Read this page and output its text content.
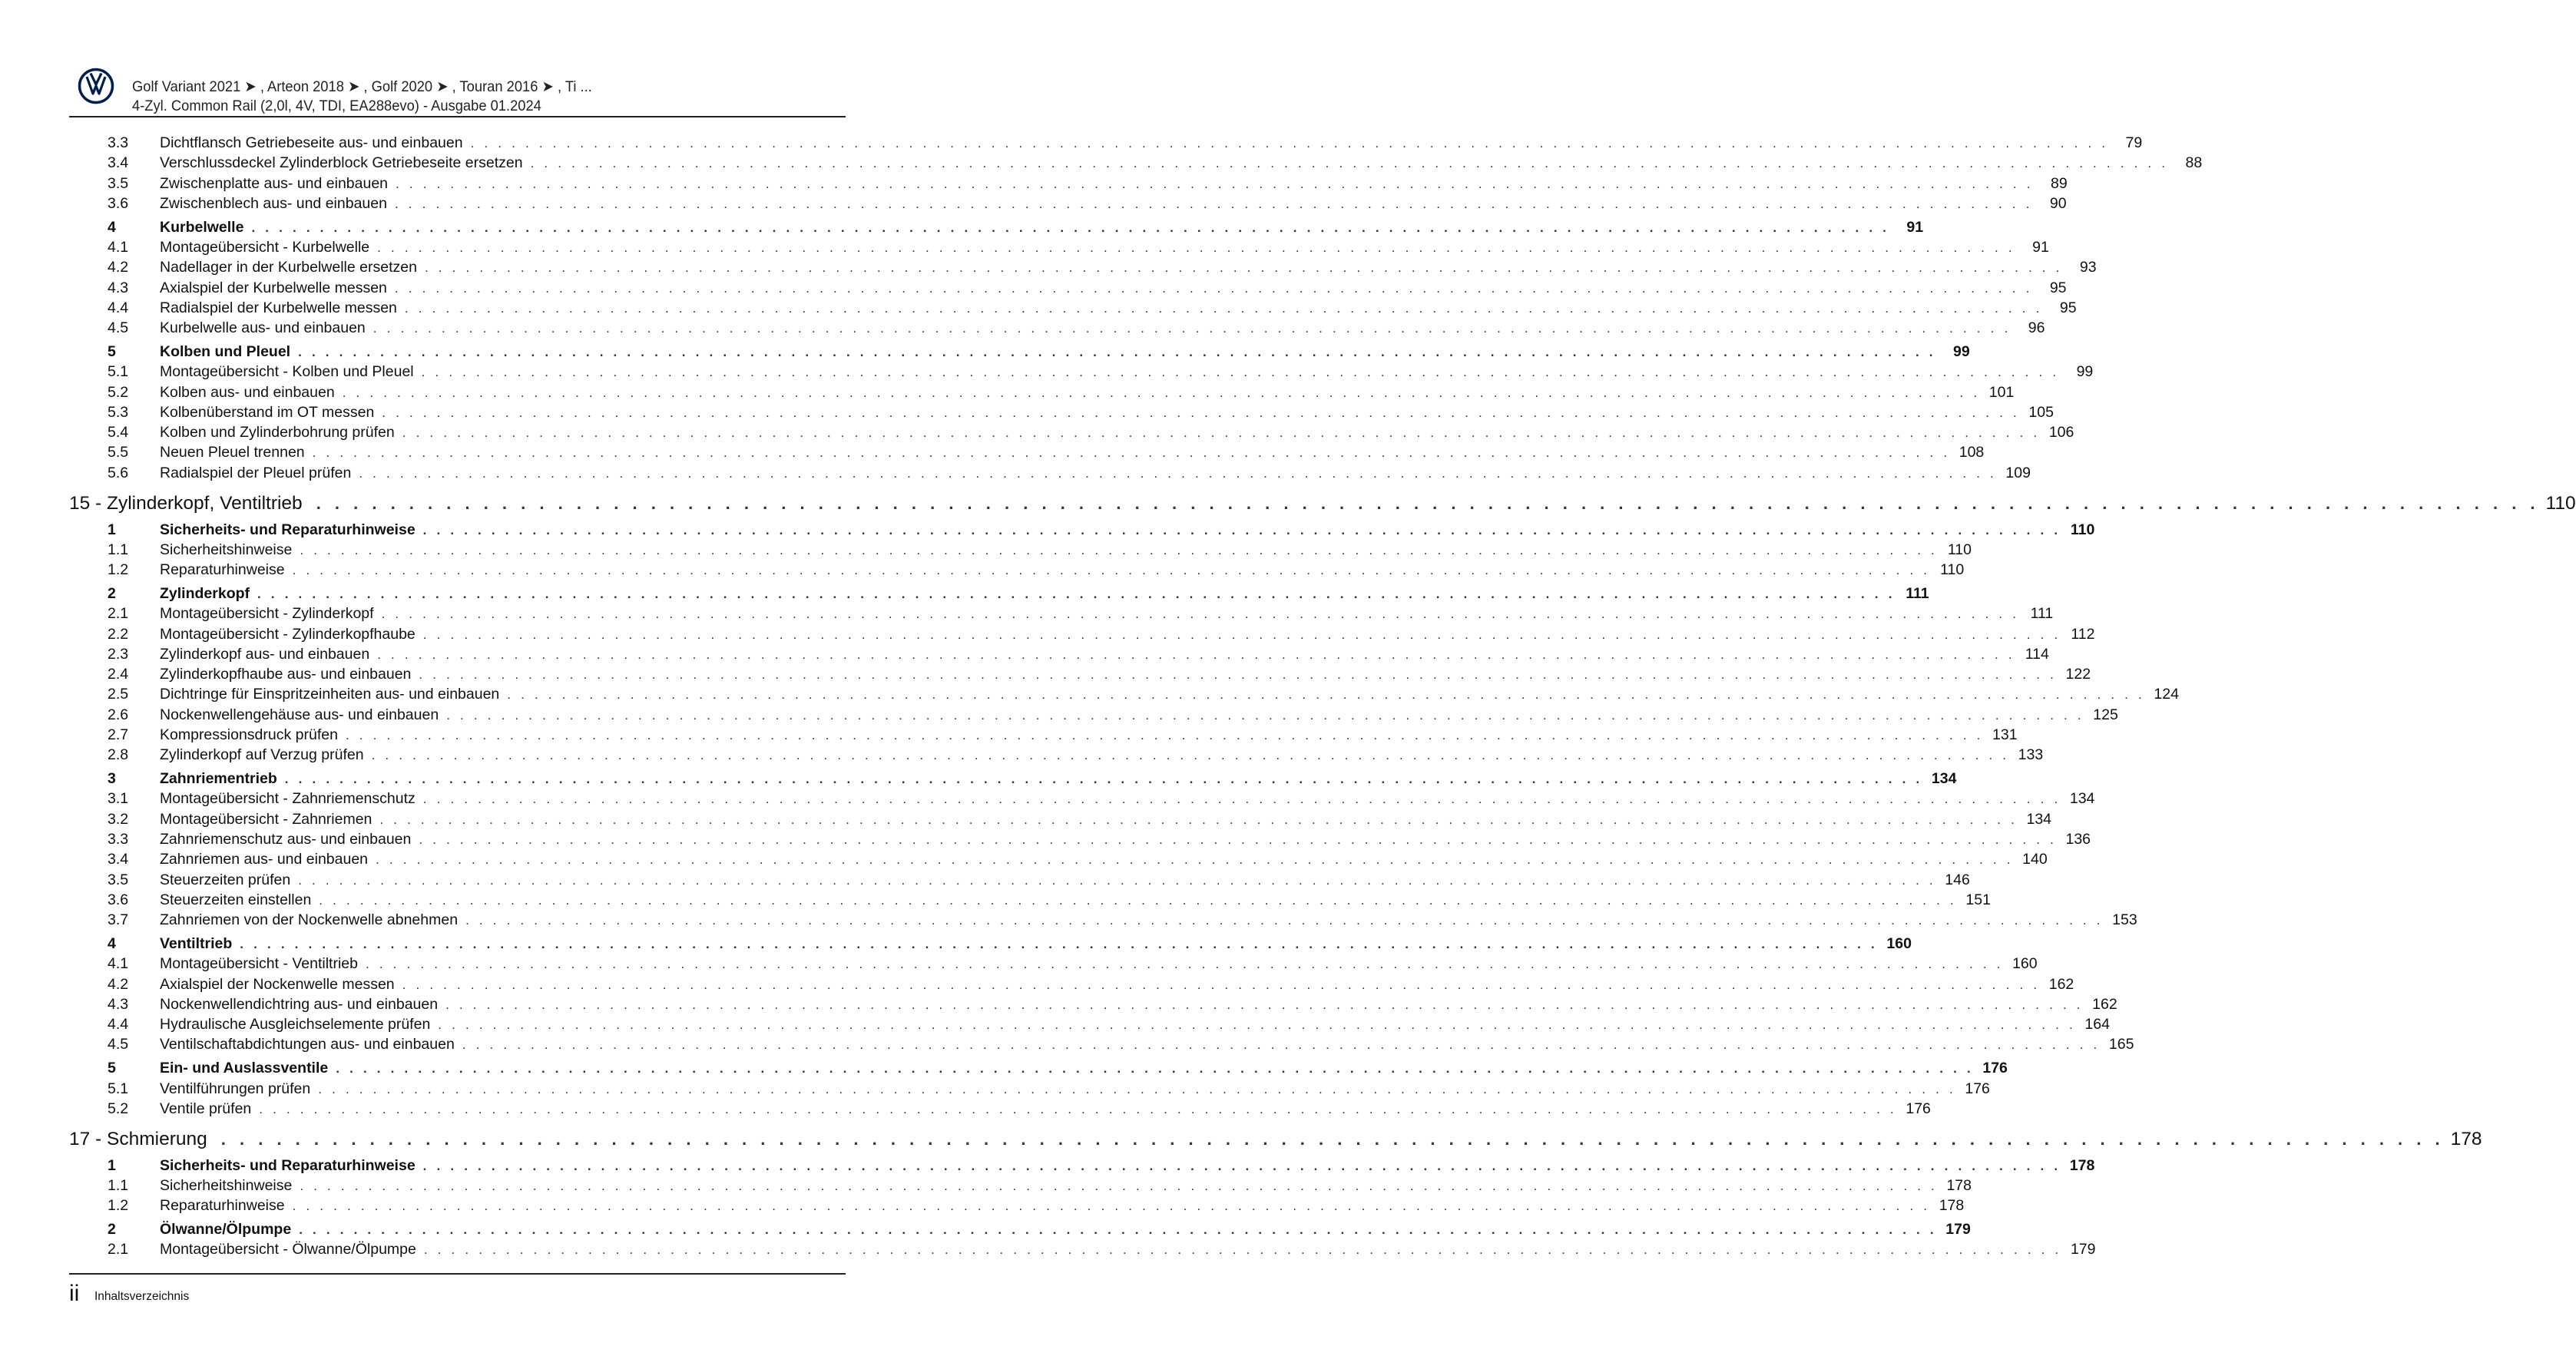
Golf Variant 2021 ➤ , Arteon 2018 ➤ , Golf 2020 ➤ , Touran 2016 ➤ , Ti ...
4-Zyl. Common Rail (2,0l, 4V, TDI, EA288evo) - Ausgabe 01.2024
3.3	Dichtflansch Getriebeseite aus- und einbauen . . . . . . . . . . . . . . . . . . . . . . . . . . . . . . . . . . . . . . . . . . . . . . . . . . . . . . . . . . . . . . . . . . . . . . . . . . . . . . . . . . . . . . . . . . . . . . . . . . . . . . . . . . . . . . . . . . . . . . . .	79
3.4	Verschlussdeckel Zylinderblock Getriebeseite ersetzen . . . . . . . . . . . . . . . . . . . . . . . . . . . . . . . . . . . . . . . . . . . . . . . . . . . . . . . . . . . . . . . . . . . . . . . . . . . . . . . . . . . . . . . . . . . . . . . . . . . . . . . . . . . . . . . . . . . . . . . .	88
3.5	Zwischenplatte aus- und einbauen . . . . . . . . . . . . . . . . . . . . . . . . . . . . . . . . . . . . . . . . . . . . . . . . . . . . . . . . . . . . . . . . . . . . . . . . . . . . . . . . . . . . . . . . . . . . . . . . . . . . . . . . . . . . . . . . . . . . . . . .	89
3.6	Zwischenblech aus- und einbauen . . . . . . . . . . . . . . . . . . . . . . . . . . . . . . . . . . . . . . . . . . . . . . . . . . . . . . . . . . . . . . . . . . . . . . . . . . . . . . . . . . . . . . . . . . . . . . . . . . . . . . . . . . . . . . . . . . . . . . . .	90
4	Kurbelwelle . . . . . . . . . . . . . . . . . . . . . . . . . . . . . . . . . . . . . . . . . . . . . . . . . . . . . . . . . . . . . . . . . . . . . . . . . . . . . . . . . . . . . . . . . . . . . . . . . . . . . . . . . . . . . . . . . . . . . . . .	91
4.1	Montageübersicht - Kurbelwelle . . . . . . . . . . . . . . . . . . . . . . . . . . . . . . . . . . . . . . . . . . . . . . . . . . . . . . . . . . . . . . . . . . . . . . . . . . . . . . . . . . . . . . . . . . . . . . . . . . . . . . . . . . . . . . . . . . . . . . . .	91
4.2	Nadellager in der Kurbelwelle ersetzen . . . . . . . . . . . . . . . . . . . . . . . . . . . . . . . . . . . . . . . . . . . . . . . . . . . . . . . . . . . . . . . . . . . . . . . . . . . . . . . . . . . . . . . . . . . . . . . . . . . . . . . . . . . . . . . . . . . . . . . .	93
4.3	Axialspiel der Kurbelwelle messen . . . . . . . . . . . . . . . . . . . . . . . . . . . . . . . . . . . . . . . . . . . . . . . . . . . . . . . . . . . . . . . . . . . . . . . . . . . . . . . . . . . . . . . . . . . . . . . . . . . . . . . . . . . . . . . . . . . . . . . .	95
4.4	Radialspiel der Kurbelwelle messen . . . . . . . . . . . . . . . . . . . . . . . . . . . . . . . . . . . . . . . . . . . . . . . . . . . . . . . . . . . . . . . . . . . . . . . . . . . . . . . . . . . . . . . . . . . . . . . . . . . . . . . . . . . . . . . . . . . . . . . .	95
4.5	Kurbelwelle aus- und einbauen . . . . . . . . . . . . . . . . . . . . . . . . . . . . . . . . . . . . . . . . . . . . . . . . . . . . . . . . . . . . . . . . . . . . . . . . . . . . . . . . . . . . . . . . . . . . . . . . . . . . . . . . . . . . . . . . . . . . . . . .	96
5	Kolben und Pleuel . . . . . . . . . . . . . . . . . . . . . . . . . . . . . . . . . . . . . . . . . . . . . . . . . . . . . . . . . . . . . . . . . . . . . . . . . . . . . . . . . . . . . . . . . . . . . . . . . . . . . . . . . . . . . . . . . . . . . . . .	99
5.1	Montageübersicht - Kolben und Pleuel . . . . . . . . . . . . . . . . . . . . . . . . . . . . . . . . . . . . . . . . . . . . . . . . . . . . . . . . . . . . . . . . . . . . . . . . . . . . . . . . . . . . . . . . . . . . . . . . . . . . . . . . . . . . . . . . . . . . . . . .	99
5.2	Kolben aus- und einbauen . . . . . . . . . . . . . . . . . . . . . . . . . . . . . . . . . . . . . . . . . . . . . . . . . . . . . . . . . . . . . . . . . . . . . . . . . . . . . . . . . . . . . . . . . . . . . . . . . . . . . . . . . . . . . . . . . . . . . . . . 101
5.3	Kolbenüberstand im OT messen . . . . . . . . . . . . . . . . . . . . . . . . . . . . . . . . . . . . . . . . . . . . . . . . . . . . . . . . . . . . . . . . . . . . . . . . . . . . . . . . . . . . . . . . . . . . . . . . . . . . . . . . . . . . . . . . . . . . . . . . 105
5.4	Kolben und Zylinderbohrung prüfen . . . . . . . . . . . . . . . . . . . . . . . . . . . . . . . . . . . . . . . . . . . . . . . . . . . . . . . . . . . . . . . . . . . . . . . . . . . . . . . . . . . . . . . . . . . . . . . . . . . . . . . . . . . . . . . . . . . . . . . . 106
5.5	Neuen Pleuel trennen . . . . . . . . . . . . . . . . . . . . . . . . . . . . . . . . . . . . . . . . . . . . . . . . . . . . . . . . . . . . . . . . . . . . . . . . . . . . . . . . . . . . . . . . . . . . . . . . . . . . . . . . . . . . . . . . . . . . . . . . 108
5.6	Radialspiel der Pleuel prüfen . . . . . . . . . . . . . . . . . . . . . . . . . . . . . . . . . . . . . . . . . . . . . . . . . . . . . . . . . . . . . . . . . . . . . . . . . . . . . . . . . . . . . . . . . . . . . . . . . . . . . . . . . . . . . . . . . . . . . . . . 109
15 - Zylinderkopf, Ventiltrieb . . . . . . . . . . . . . . . . . . . . . . . . . . . . . . . . . . . . . . . . . . . . . . . . . . . . . . . . . . . . . . . . . . . . . . . . . . . . . . . . . . . . . . . . . . . . . . . . . . . . . . . . . . . . . . . . . . . . . . . . 110
1	Sicherheits- und Reparaturhinweise . . . . . . . . . . . . . . . . . . . . . . . . . . . . . . . . . . . . . . . . . . . . . . . . . . . . . . . . . . . . . . . . . . . . . . . . . . . . . . . . . . . . . . . . . . . . . . . . . . . . . . . . . . . . . . . . . . . . . . . . 110
1.1	Sicherheitshinweise . . . . . . . . . . . . . . . . . . . . . . . . . . . . . . . . . . . . . . . . . . . . . . . . . . . . . . . . . . . . . . . . . . . . . . . . . . . . . . . . . . . . . . . . . . . . . . . . . . . . . . . . . . . . . . . . . . . . . . . . 110
1.2	Reparaturhinweise . . . . . . . . . . . . . . . . . . . . . . . . . . . . . . . . . . . . . . . . . . . . . . . . . . . . . . . . . . . . . . . . . . . . . . . . . . . . . . . . . . . . . . . . . . . . . . . . . . . . . . . . . . . . . . . . . . . . . . . . 110
2	Zylinderkopf . . . . . . . . . . . . . . . . . . . . . . . . . . . . . . . . . . . . . . . . . . . . . . . . . . . . . . . . . . . . . . . . . . . . . . . . . . . . . . . . . . . . . . . . . . . . . . . . . . . . . . . . . . . . . . . . . . . . . . . . 111
2.1	Montageübersicht - Zylinderkopf . . . . . . . . . . . . . . . . . . . . . . . . . . . . . . . . . . . . . . . . . . . . . . . . . . . . . . . . . . . . . . . . . . . . . . . . . . . . . . . . . . . . . . . . . . . . . . . . . . . . . . . . . . . . . . . . . . . . . . . . 111
2.2	Montageübersicht - Zylinderkopfhaube . . . . . . . . . . . . . . . . . . . . . . . . . . . . . . . . . . . . . . . . . . . . . . . . . . . . . . . . . . . . . . . . . . . . . . . . . . . . . . . . . . . . . . . . . . . . . . . . . . . . . . . . . . . . . . . . . . . . . . . . 112
2.3	Zylinderkopf aus- und einbauen . . . . . . . . . . . . . . . . . . . . . . . . . . . . . . . . . . . . . . . . . . . . . . . . . . . . . . . . . . . . . . . . . . . . . . . . . . . . . . . . . . . . . . . . . . . . . . . . . . . . . . . . . . . . . . . . . . . . . . . . 114
2.4	Zylinderkopfhaube aus- und einbauen . . . . . . . . . . . . . . . . . . . . . . . . . . . . . . . . . . . . . . . . . . . . . . . . . . . . . . . . . . . . . . . . . . . . . . . . . . . . . . . . . . . . . . . . . . . . . . . . . . . . . . . . . . . . . . . . . . . . . . . . 122
2.5	Dichtringe für Einspritzeinheiten aus- und einbauen . . . . . . . . . . . . . . . . . . . . . . . . . . . . . . . . . . . . . . . . . . . . . . . . . . . . . . . . . . . . . . . . . . . . . . . . . . . . . . . . . . . . . . . . . . . . . . . . . . . . . . . . . . . . . . . . . . . . . . . . 124
2.6	Nockenwellengehäuse aus- und einbauen . . . . . . . . . . . . . . . . . . . . . . . . . . . . . . . . . . . . . . . . . . . . . . . . . . . . . . . . . . . . . . . . . . . . . . . . . . . . . . . . . . . . . . . . . . . . . . . . . . . . . . . . . . . . . . . . . . . . . . . . 125
2.7	Kompressionsdruck prüfen . . . . . . . . . . . . . . . . . . . . . . . . . . . . . . . . . . . . . . . . . . . . . . . . . . . . . . . . . . . . . . . . . . . . . . . . . . . . . . . . . . . . . . . . . . . . . . . . . . . . . . . . . . . . . . . . . . . . . . . . 131
2.8	Zylinderkopf auf Verzug prüfen . . . . . . . . . . . . . . . . . . . . . . . . . . . . . . . . . . . . . . . . . . . . . . . . . . . . . . . . . . . . . . . . . . . . . . . . . . . . . . . . . . . . . . . . . . . . . . . . . . . . . . . . . . . . . . . . . . . . . . . . 133
3	Zahnriementrieb . . . . . . . . . . . . . . . . . . . . . . . . . . . . . . . . . . . . . . . . . . . . . . . . . . . . . . . . . . . . . . . . . . . . . . . . . . . . . . . . . . . . . . . . . . . . . . . . . . . . . . . . . . . . . . . . . . . . . . . . 134
3.1	Montageübersicht - Zahnriemenschutz . . . . . . . . . . . . . . . . . . . . . . . . . . . . . . . . . . . . . . . . . . . . . . . . . . . . . . . . . . . . . . . . . . . . . . . . . . . . . . . . . . . . . . . . . . . . . . . . . . . . . . . . . . . . . . . . . . . . . . . . 134
3.2	Montageübersicht - Zahnriemen . . . . . . . . . . . . . . . . . . . . . . . . . . . . . . . . . . . . . . . . . . . . . . . . . . . . . . . . . . . . . . . . . . . . . . . . . . . . . . . . . . . . . . . . . . . . . . . . . . . . . . . . . . . . . . . . . . . . . . . . 134
3.3	Zahnriemenschutz aus- und einbauen . . . . . . . . . . . . . . . . . . . . . . . . . . . . . . . . . . . . . . . . . . . . . . . . . . . . . . . . . . . . . . . . . . . . . . . . . . . . . . . . . . . . . . . . . . . . . . . . . . . . . . . . . . . . . . . . . . . . . . . . 136
3.4	Zahnriemen aus- und einbauen . . . . . . . . . . . . . . . . . . . . . . . . . . . . . . . . . . . . . . . . . . . . . . . . . . . . . . . . . . . . . . . . . . . . . . . . . . . . . . . . . . . . . . . . . . . . . . . . . . . . . . . . . . . . . . . . . . . . . . . . 140
3.5	Steuerzeiten prüfen . . . . . . . . . . . . . . . . . . . . . . . . . . . . . . . . . . . . . . . . . . . . . . . . . . . . . . . . . . . . . . . . . . . . . . . . . . . . . . . . . . . . . . . . . . . . . . . . . . . . . . . . . . . . . . . . . . . . . . . . 146
3.6	Steuerzeiten einstellen . . . . . . . . . . . . . . . . . . . . . . . . . . . . . . . . . . . . . . . . . . . . . . . . . . . . . . . . . . . . . . . . . . . . . . . . . . . . . . . . . . . . . . . . . . . . . . . . . . . . . . . . . . . . . . . . . . . . . . . . 151
3.7	Zahnriemen von der Nockenwelle abnehmen . . . . . . . . . . . . . . . . . . . . . . . . . . . . . . . . . . . . . . . . . . . . . . . . . . . . . . . . . . . . . . . . . . . . . . . . . . . . . . . . . . . . . . . . . . . . . . . . . . . . . . . . . . . . . . . . . . . . . . . . 153
4	Ventiltrieb . . . . . . . . . . . . . . . . . . . . . . . . . . . . . . . . . . . . . . . . . . . . . . . . . . . . . . . . . . . . . . . . . . . . . . . . . . . . . . . . . . . . . . . . . . . . . . . . . . . . . . . . . . . . . . . . . . . . . . . . 160
4.1	Montageübersicht - Ventiltrieb . . . . . . . . . . . . . . . . . . . . . . . . . . . . . . . . . . . . . . . . . . . . . . . . . . . . . . . . . . . . . . . . . . . . . . . . . . . . . . . . . . . . . . . . . . . . . . . . . . . . . . . . . . . . . . . . . . . . . . . . 160
4.2	Axialspiel der Nockenwelle messen . . . . . . . . . . . . . . . . . . . . . . . . . . . . . . . . . . . . . . . . . . . . . . . . . . . . . . . . . . . . . . . . . . . . . . . . . . . . . . . . . . . . . . . . . . . . . . . . . . . . . . . . . . . . . . . . . . . . . . . . 162
4.3	Nockenwellendichtring aus- und einbauen . . . . . . . . . . . . . . . . . . . . . . . . . . . . . . . . . . . . . . . . . . . . . . . . . . . . . . . . . . . . . . . . . . . . . . . . . . . . . . . . . . . . . . . . . . . . . . . . . . . . . . . . . . . . . . . . . . . . . . . . 162
4.4	Hydraulische Ausgleichselemente prüfen . . . . . . . . . . . . . . . . . . . . . . . . . . . . . . . . . . . . . . . . . . . . . . . . . . . . . . . . . . . . . . . . . . . . . . . . . . . . . . . . . . . . . . . . . . . . . . . . . . . . . . . . . . . . . . . . . . . . . . . . 164
4.5	Ventilschaftabdichtungen aus- und einbauen . . . . . . . . . . . . . . . . . . . . . . . . . . . . . . . . . . . . . . . . . . . . . . . . . . . . . . . . . . . . . . . . . . . . . . . . . . . . . . . . . . . . . . . . . . . . . . . . . . . . . . . . . . . . . . . . . . . . . . . . 165
5	Ein- und Auslassventile . . . . . . . . . . . . . . . . . . . . . . . . . . . . . . . . . . . . . . . . . . . . . . . . . . . . . . . . . . . . . . . . . . . . . . . . . . . . . . . . . . . . . . . . . . . . . . . . . . . . . . . . . . . . . . . . . . . . . . . . 176
5.1	Ventilführungen prüfen . . . . . . . . . . . . . . . . . . . . . . . . . . . . . . . . . . . . . . . . . . . . . . . . . . . . . . . . . . . . . . . . . . . . . . . . . . . . . . . . . . . . . . . . . . . . . . . . . . . . . . . . . . . . . . . . . . . . . . . . 176
5.2	Ventile prüfen . . . . . . . . . . . . . . . . . . . . . . . . . . . . . . . . . . . . . . . . . . . . . . . . . . . . . . . . . . . . . . . . . . . . . . . . . . . . . . . . . . . . . . . . . . . . . . . . . . . . . . . . . . . . . . . . . . . . . . . . 176
17 - Schmierung . . . . . . . . . . . . . . . . . . . . . . . . . . . . . . . . . . . . . . . . . . . . . . . . . . . . . . . . . . . . . . . . . . . . . . . . . . . . . . . . . . . . . . . . . . . . . . . . . . . . . . . . . . . . . . . . . . . . . . . . 178
1	Sicherheits- und Reparaturhinweise . . . . . . . . . . . . . . . . . . . . . . . . . . . . . . . . . . . . . . . . . . . . . . . . . . . . . . . . . . . . . . . . . . . . . . . . . . . . . . . . . . . . . . . . . . . . . . . . . . . . . . . . . . . . . . . . . . . . . . . . 178
1.1	Sicherheitshinweise . . . . . . . . . . . . . . . . . . . . . . . . . . . . . . . . . . . . . . . . . . . . . . . . . . . . . . . . . . . . . . . . . . . . . . . . . . . . . . . . . . . . . . . . . . . . . . . . . . . . . . . . . . . . . . . . . . . . . . . . 178
1.2	Reparaturhinweise . . . . . . . . . . . . . . . . . . . . . . . . . . . . . . . . . . . . . . . . . . . . . . . . . . . . . . . . . . . . . . . . . . . . . . . . . . . . . . . . . . . . . . . . . . . . . . . . . . . . . . . . . . . . . . . . . . . . . . . . 178
2	Ölwanne/Ölpumpe . . . . . . . . . . . . . . . . . . . . . . . . . . . . . . . . . . . . . . . . . . . . . . . . . . . . . . . . . . . . . . . . . . . . . . . . . . . . . . . . . . . . . . . . . . . . . . . . . . . . . . . . . . . . . . . . . . . . . . . . 179
2.1	Montageübersicht - Ölwanne/Ölpumpe . . . . . . . . . . . . . . . . . . . . . . . . . . . . . . . . . . . . . . . . . . . . . . . . . . . . . . . . . . . . . . . . . . . . . . . . . . . . . . . . . . . . . . . . . . . . . . . . . . . . . . . . . . . . . . . . . . . . . . . . 179
ii Inhaltsverzeichnis
